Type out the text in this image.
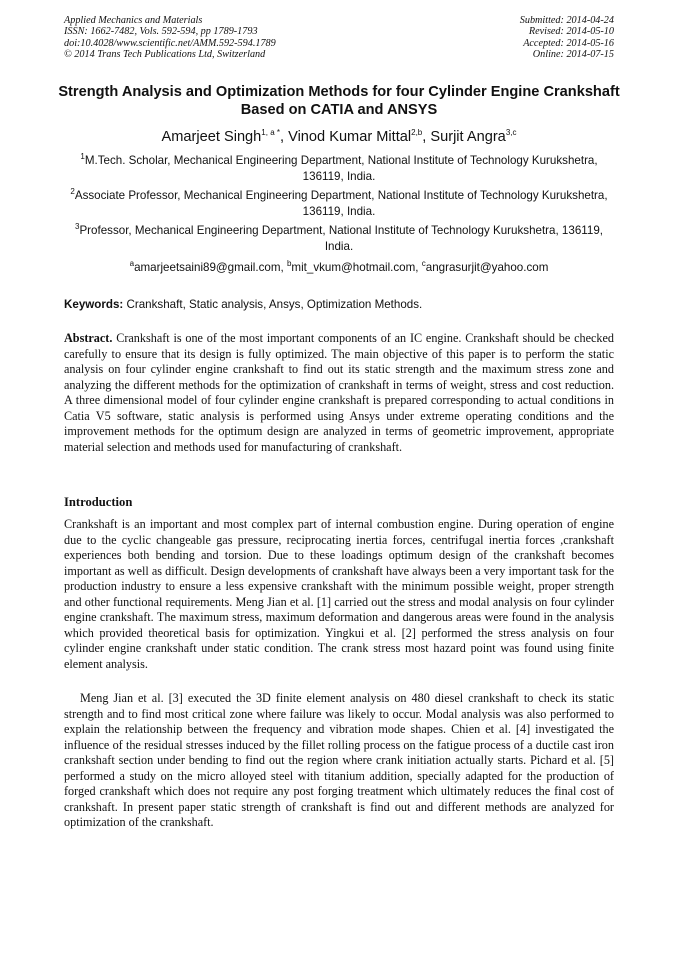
Applied Mechanics and Materials
ISSN: 1662-7482, Vols. 592-594, pp 1789-1793
doi:10.4028/www.scientific.net/AMM.592-594.1789
© 2014 Trans Tech Publications Ltd, Switzerland
Submitted: 2014-04-24
Revised: 2014-05-10
Accepted: 2014-05-16
Online: 2014-07-15
Strength Analysis and Optimization Methods for four Cylinder Engine Crankshaft Based on CATIA and ANSYS
Amarjeet Singh$^{1, a *}$, Vinod Kumar Mittal$^{2,b}$, Surjit Angra$^{3,c}$
$^1$M.Tech. Scholar, Mechanical Engineering Department, National Institute of Technology Kurukshetra, 136119, India.
$^2$Associate Professor, Mechanical Engineering Department, National Institute of Technology Kurukshetra, 136119, India.
$^3$Professor, Mechanical Engineering Department, National Institute of Technology Kurukshetra, 136119, India.
$^a$amarjeetsaini89@gmail.com, $^b$mit_vkum@hotmail.com, $^c$angrasurjit@yahoo.com
Keywords: Crankshaft, Static analysis, Ansys, Optimization Methods.

Abstract. Crankshaft is one of the most important components of an IC engine. Crankshaft should be checked carefully to ensure that its design is fully optimized. The main objective of this paper is to perform the static analysis on four cylinder engine crankshaft to find out its static strength and the maximum stress zone and analyzing the different methods for the optimization of crankshaft in terms of weight, stress and cost reduction. A three dimensional model of four cylinder engine crankshaft is prepared corresponding to actual conditions in Catia V5 software, static analysis is performed using Ansys under extreme operating conditions and the improvement methods for the optimum design are analyzed in terms of geometric improvement, appropriate material selection and methods used for manufacturing of crankshaft.

Introduction

Crankshaft is an important and most complex part of internal combustion engine. During operation of engine due to the cyclic changeable gas pressure, reciprocating inertia forces, centrifugal inertia forces ,crankshaft experiences both bending and torsion. Due to these loadings optimum design of the crankshaft becomes important as well as difficult. Design developments of crankshaft have always been a very important task for the production industry to ensure a less expensive crankshaft with the minimum possible weight, proper strength and other functional requirements. Meng Jian et al. [1] carried out the stress and modal analysis on four cylinder engine crankshaft. The maximum stress, maximum deformation and dangerous areas were found in the analysis which provided theoretical basis for optimization. Yingkui et al. [2] performed the stress analysis on four cylinder engine crankshaft under static condition. The crank stress most hazard point was found using finite element analysis.

Meng Jian et al. [3] executed the 3D finite element analysis on 480 diesel crankshaft to check its static strength and to find most critical zone where failure was likely to occur. Modal analysis was also performed to explain the relationship between the frequency and vibration mode shapes. Chien et al. [4] investigated the influence of the residual stresses induced by the fillet rolling process on the fatigue process of a ductile cast iron crankshaft section under bending to find out the region where crank initiation actually starts. Pichard et al. [5] performed a study on the micro alloyed steel with titanium addition, specially adapted for the production of forged crankshaft which does not require any post forging treatment which ultimately reduces the final cost of crankshaft. In present paper static strength of crankshaft is find out and different methods are analyzed for optimization of the crankshaft.
